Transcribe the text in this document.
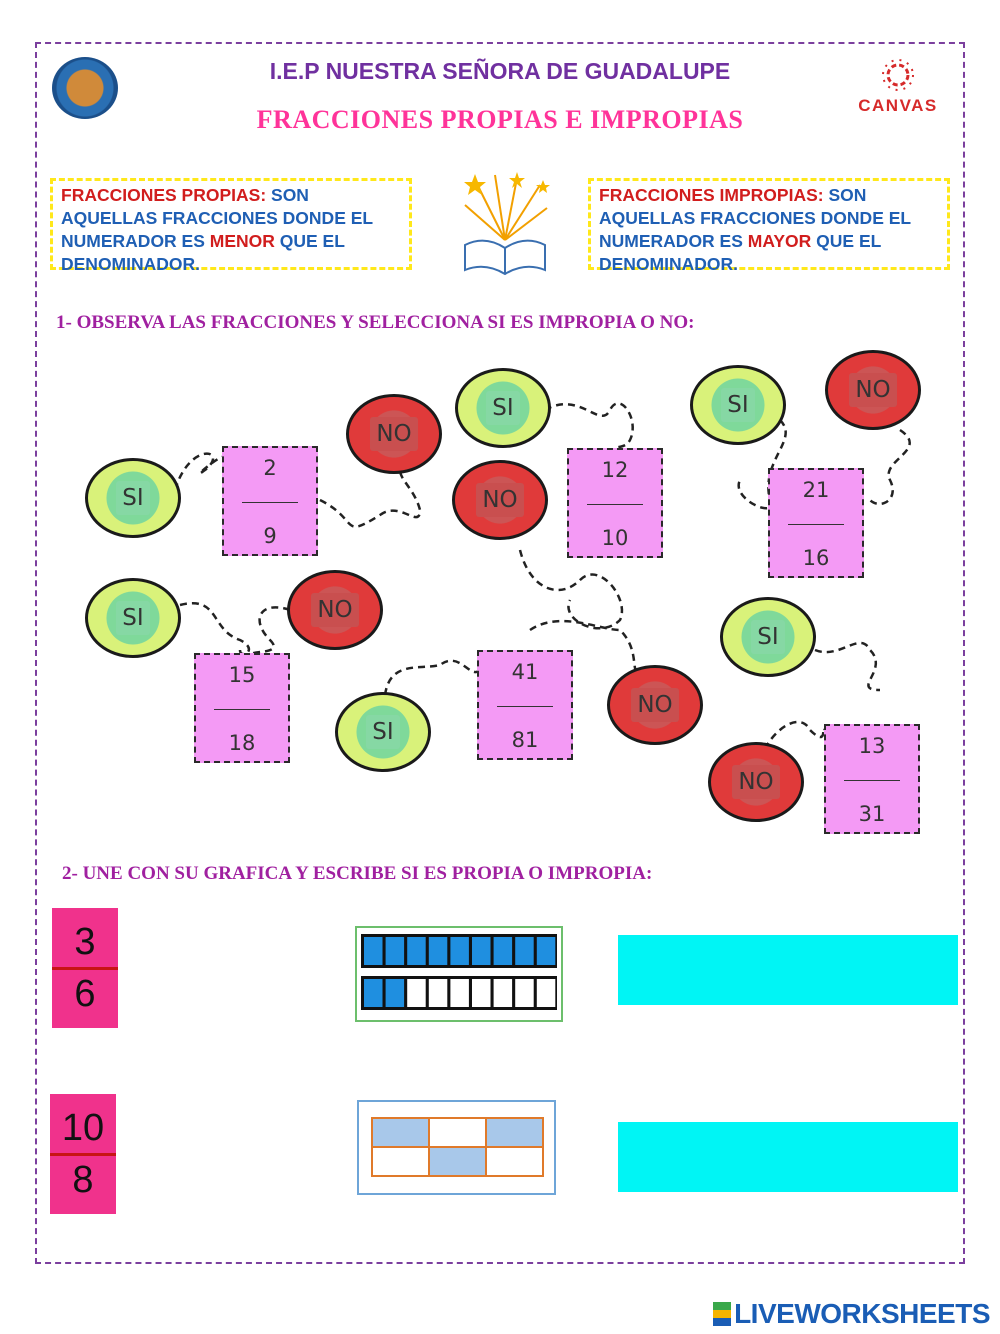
I.E.P NUESTRA SEÑORA DE GUADALUPE
FRACCIONES PROPIAS E IMPROPIAS	CANVAS
FRACCIONES PROPIAS: SON AQUELLAS FRACCIONES DONDE EL NUMERADOR ES MENOR QUE EL DENOMINADOR.
FRACCIONES IMPROPIAS: SON AQUELLAS FRACCIONES DONDE EL NUMERADOR ES MAYOR QUE EL DENOMINADOR.
1- OBSERVA LAS FRACCIONES Y SELECCIONA SI ES IMPROPIA O NO:
SI
NO
SI
NO
SI
NO
SI	NO
SI
NO
SI
NO
2
9
12
10
21
16
15
18
41
81	13
31
2- UNE CON SU GRAFICA Y ESCRIBE SI ES PROPIA O IMPROPIA:
3
6
10
8
LIVEWORKSHEETS
